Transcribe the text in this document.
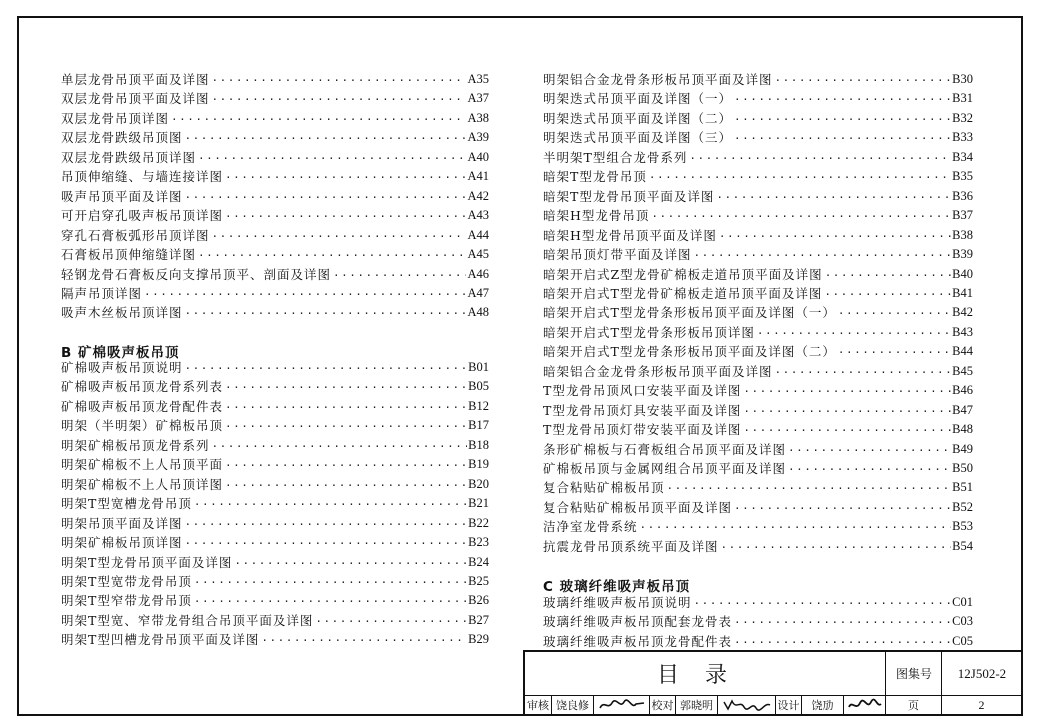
单层龙骨吊顶平面及详图 ·····	A35
双层龙骨吊顶平面及详图 ·····	A37
双层龙骨吊顶详图 ·····	A38
双层龙骨跌级吊顶图 ·····	A39
双层龙骨跌级吊顶详图 ·····	A40
吊顶伸缩缝、与墙连接详图 ·····	A41
吸声吊顶平面及详图 ·····	A42
可开启穿孔吸声板吊顶详图 ·····	A43
穿孔石膏板弧形吊顶详图 ·····	A44
石膏板吊顶伸缩缝详图 ·····	A45
轻钢龙骨石膏板反向支撑吊顶平、剖面及详图 ·····	A46
隔声吊顶详图 ·····	A47
吸声木丝板吊顶详图 ·····	A48
矿棉吸声板吊顶说明 ·····	B01
矿棉吸声板吊顶龙骨系列表 ·····	B05
矿棉吸声板吊顶龙骨配件表 ·····	B12
明架（半明架）矿棉板吊顶 ·····	B17
明架矿棉板吊顶龙骨系列 ·····	B18
明架矿棉板不上人吊顶平面 ·····	B19
明架矿棉板不上人吊顶详图 ·····	B20
明架T型宽槽龙骨吊顶 ·····	B21
明架吊顶平面及详图 ·····	B22
明架矿棉板吊顶详图 ·····	B23
明架T型龙骨吊顶平面及详图 ·····	B24
明架T型宽带龙骨吊顶 ·····	B25
明架T型窄带龙骨吊顶 ·····	B26
明架T型宽、窄带龙骨组合吊顶平面及详图 ·····	B27
明架T型凹槽龙骨吊顶平面及详图 ·····	B29
明架铝合金龙骨条形板吊顶平面及详图 ·····	B30
明架迭式吊顶平面及详图（一） ·····	B31
明架迭式吊顶平面及详图（二） ·····	B32
明架迭式吊顶平面及详图（三） ·····	B33
半明架T型组合龙骨系列 ·····	B34
暗架T型龙骨吊顶 ·····	B35
暗架T型龙骨吊顶平面及详图 ·····	B36
暗架H型龙骨吊顶 ·····	B37
暗架H型龙骨吊顶平面及详图 ·····	B38
暗架吊顶灯带平面及详图 ·····	B39
暗架开启式Z型龙骨矿棉板走道吊顶平面及详图 ·····	B40
暗架开启式T型龙骨矿棉板走道吊顶平面及详图 ·····	B41
暗架开启式T型龙骨条形板吊顶平面及详图（一） ·····	B42
暗架开启式T型龙骨条形板吊顶详图 ·····	B43
暗架开启式T型龙骨条形板吊顶平面及详图（二） ·····	B44
暗架铝合金龙骨条形板吊顶平面及详图 ·····	B45
T型龙骨吊顶风口安装平面及详图 ·····	B46
T型龙骨吊顶灯具安装平面及详图 ·····	B47
T型龙骨吊顶灯带安装平面及详图 ·····	B48
条形矿棉板与石膏板组合吊顶平面及详图 ·····	B49
矿棉板吊顶与金属网组合吊顶平面及详图 ·····	B50
复合粘贴矿棉板吊顶 ·····	B51
复合粘贴矿棉板吊顶平面及详图 ·····	B52
洁净室龙骨系统 ·····	B53
抗震龙骨吊顶系统平面及详图 ·····	B54
玻璃纤维吸声板吊顶说明 ·····	C01
玻璃纤维吸声板吊顶配套龙骨表 ·····	C03
玻璃纤维吸声板吊顶龙骨配件表 ·····	C05
B 矿棉吸声板吊顶
C 玻璃纤维吸声板吊顶
目录	图集号	12J502-2
审核 饶良修	校对 郭晓明	设计	饶劢	页	2
